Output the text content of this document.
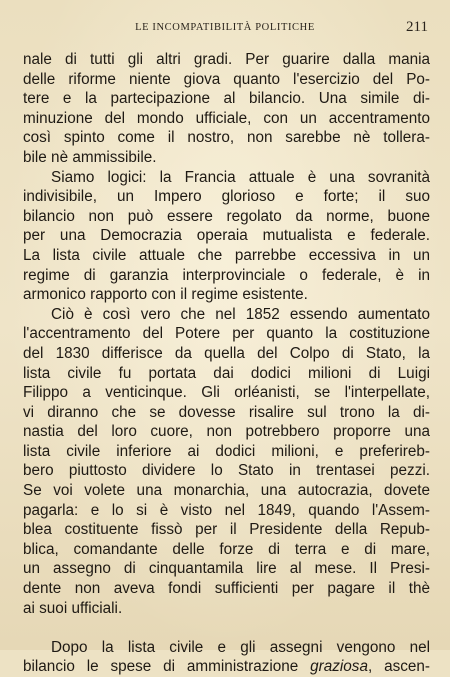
LE INCOMPATIBILITÀ POLITICHE	211
nale di tutti gli altri gradi. Per guarire dalla mania
delle riforme niente giova quanto l'esercizio del Po-
tere e la partecipazione al bilancio. Una simile di-
minuzione del mondo ufficiale, con un accentramento
così spinto come il nostro, non sarebbe nè tollera-
bile nè ammissibile.
Siamo logici: la Francia attuale è una sovranità
indivisibile, un Impero glorioso e forte; il suo
bilancio non può essere regolato da norme, buone
per una Democrazia operaia mutualista e federale.
La lista civile attuale che parrebbe eccessiva in un
regime di garanzia interprovinciale o federale, è in
armonico rapporto con il regime esistente.
Ciò è così vero che nel 1852 essendo aumentato
l'accentramento del Potere per quanto la costituzione
del 1830 differisce da quella del Colpo di Stato, la
lista civile fu portata dai dodici milioni di Luigi
Filippo a venticinque. Gli orléanisti, se l'interpellate,
vi diranno che se dovesse risalire sul trono la di-
nastia del loro cuore, non potrebbero proporre una
lista civile inferiore ai dodici milioni, e preferireb-
bero piuttosto dividere lo Stato in trentasei pezzi.
Se voi volete una monarchia, una autocrazia, dovete
pagarla: e lo si è visto nel 1849, quando l'Assem-
blea costituente fissò per il Presidente della Repub-
blica, comandante delle forze di terra e di mare,
un assegno di cinquantamila lire al mese. Il Presi-
dente non aveva fondi sufficienti per pagare il thè
ai suoi ufficiali.
Dopo la lista civile e gli assegni vengono nel
bilancio le spese di amministrazione graziosa, ascen-
